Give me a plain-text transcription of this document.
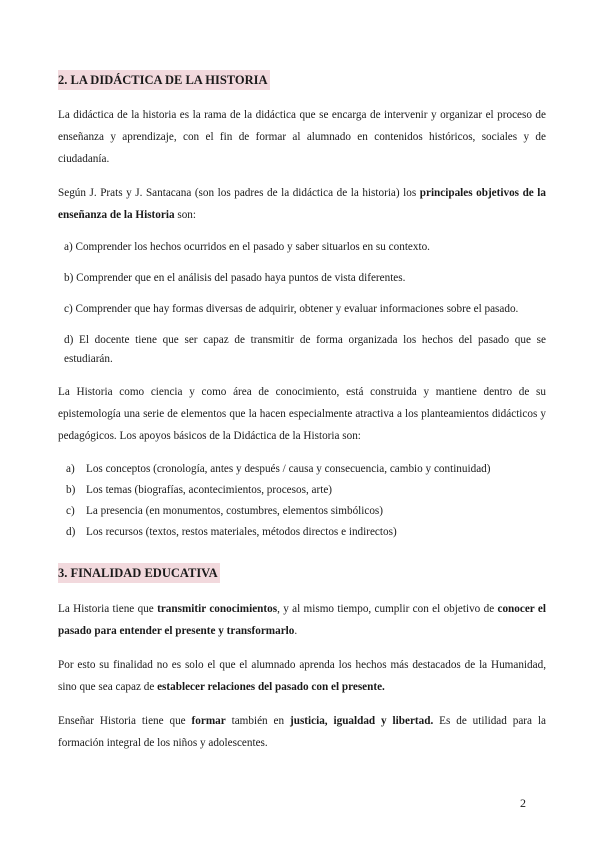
2. LA DIDÁCTICA DE LA HISTORIA

La didáctica de la historia es la rama de la didáctica que se encarga de intervenir y organizar el proceso de enseñanza y aprendizaje, con el fin de formar al alumnado en contenidos históricos, sociales y de ciudadanía.

Según J. Prats y J. Santacana (son los padres de la didáctica de la historia) los principales objetivos de la enseñanza de la Historia son:

a) Comprender los hechos ocurridos en el pasado y saber situarlos en su contexto.
b) Comprender que en el análisis del pasado haya puntos de vista diferentes.
c) Comprender que hay formas diversas de adquirir, obtener y evaluar informaciones sobre el pasado.
d) El docente tiene que ser capaz de transmitir de forma organizada los hechos del pasado que se estudiarán.

La Historia como ciencia y como área de conocimiento, está construida y mantiene dentro de su epistemología una serie de elementos que la hacen especialmente atractiva a los planteamientos didácticos y pedagógicos. Los apoyos básicos de la Didáctica de la Historia son:

a) Los conceptos (cronología, antes y después / causa y consecuencia, cambio y continuidad)
b) Los temas (biografías, acontecimientos, procesos, arte)
c) La presencia (en monumentos, costumbres, elementos simbólicos)
d) Los recursos (textos, restos materiales, métodos directos e indirectos)
3. FINALIDAD EDUCATIVA

La Historia tiene que transmitir conocimientos, y al mismo tiempo, cumplir con el objetivo de conocer el pasado para entender el presente y transformarlo.

Por esto su finalidad no es solo el que el alumnado aprenda los hechos más destacados de la Humanidad, sino que sea capaz de establecer relaciones del pasado con el presente.

Enseñar Historia tiene que formar también en justicia, igualdad y libertad. Es de utilidad para la formación integral de los niños y adolescentes.

2
